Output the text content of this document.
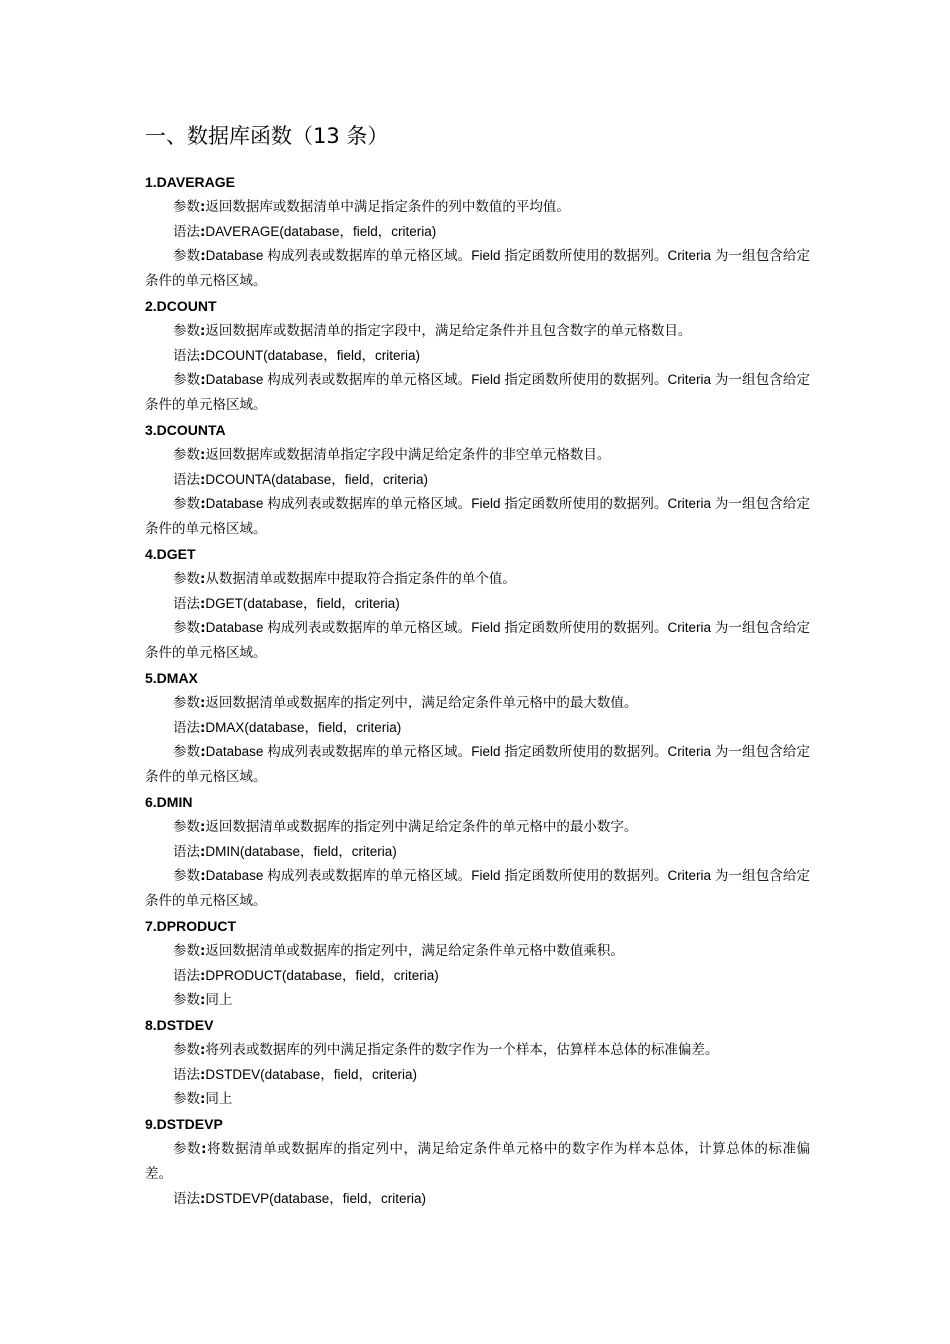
一、数据库函数（13 条）
1.DAVERAGE

参数:返回数据库或数据清单中满足指定条件的列中数值的平均值。

语法:DAVERAGE(database，field，criteria)

参数:Database 构成列表或数据库的单元格区域。Field 指定函数所使用的数据列。Criteria 为一组包含给定条件的单元格区域。

2.DCOUNT

参数:返回数据库或数据清单的指定字段中，满足给定条件并且包含数字的单元格数目。

语法:DCOUNT(database，field，criteria)

参数:Database 构成列表或数据库的单元格区域。Field 指定函数所使用的数据列。Criteria 为一组包含给定条件的单元格区域。

3.DCOUNTA

参数:返回数据库或数据清单指定字段中满足给定条件的非空单元格数目。

语法:DCOUNTA(database，field，criteria)

参数:Database 构成列表或数据库的单元格区域。Field 指定函数所使用的数据列。Criteria 为一组包含给定条件的单元格区域。

4.DGET

参数:从数据清单或数据库中提取符合指定条件的单个值。

语法:DGET(database，field，criteria)

参数:Database 构成列表或数据库的单元格区域。Field 指定函数所使用的数据列。Criteria 为一组包含给定条件的单元格区域。

5.DMAX

参数:返回数据清单或数据库的指定列中，满足给定条件单元格中的最大数值。

语法:DMAX(database，field，criteria)

参数:Database 构成列表或数据库的单元格区域。Field 指定函数所使用的数据列。Criteria 为一组包含给定条件的单元格区域。

6.DMIN

参数:返回数据清单或数据库的指定列中满足给定条件的单元格中的最小数字。

语法:DMIN(database，field，criteria)

参数:Database 构成列表或数据库的单元格区域。Field 指定函数所使用的数据列。Criteria 为一组包含给定条件的单元格区域。

7.DPRODUCT

参数:返回数据清单或数据库的指定列中，满足给定条件单元格中数值乘积。

语法:DPRODUCT(database，field，criteria)

参数:同上

8.DSTDEV

参数:将列表或数据库的列中满足指定条件的数字作为一个样本，估算样本总体的标准偏差。

语法:DSTDEV(database，field，criteria)

参数:同上

9.DSTDEVP

参数:将数据清单或数据库的指定列中，满足给定条件单元格中的数字作为样本总体，计算总体的标准偏差。

语法:DSTDEVP(database，field，criteria)
